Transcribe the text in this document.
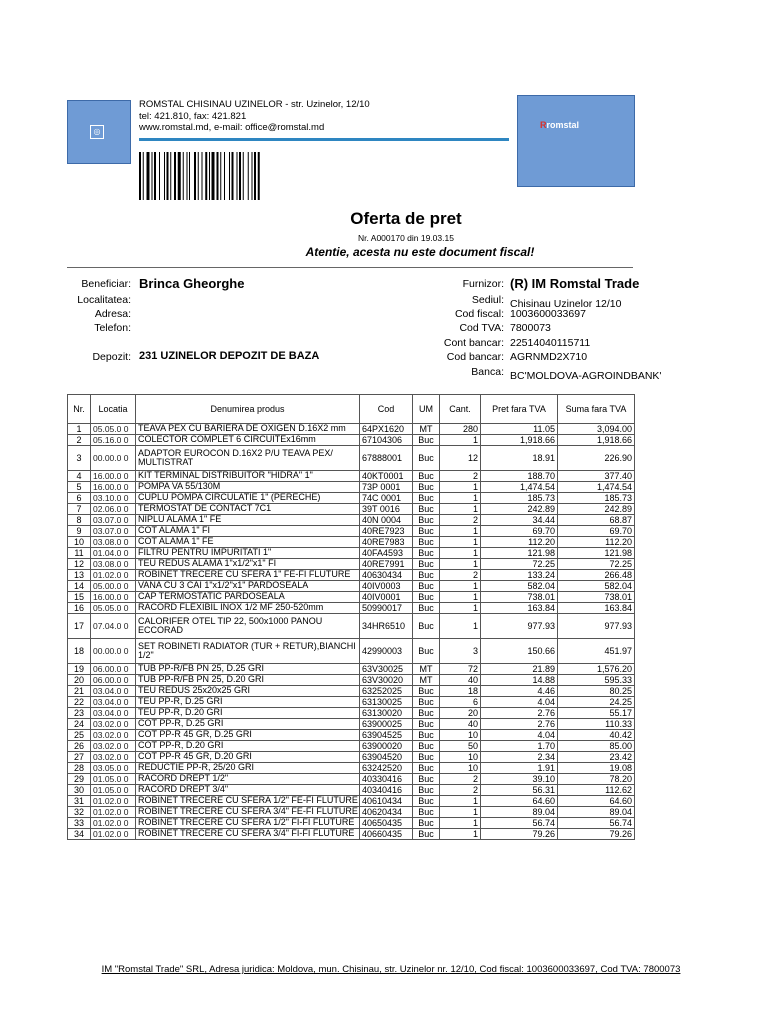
◎
Rromstal
ROMSTAL CHISINAU UZINELOR - str. Uzinelor, 12/10
tel: 421.810, fax: 421.821
www.romstal.md, e-mail: office@romstal.md
Oferta de pret
Nr. A000170 din 19.03.15
Atentie, acesta nu este document fiscal!
Beneficiar: Brinca Gheorghe
Localitatea:
Adresa:
Telefon:
Depozit: 231 UZINELOR DEPOZIT DE BAZA
Furnizor: (R) IM Romstal Trade
Sediul: Chisinau Uzinelor 12/10
Cod fiscal: 1003600033697
Cod TVA: 7800073
Cont bancar: 22514040115711
Cod bancar: AGRNMD2X710
Banca: BC'MOLDOVA-AGROINDBANK'
Nr.	Locatia	Denumirea produs	Cod	UM	Cant.	Pret fara TVA	Suma fara TVA
1	05.05.0 0	TEAVA PEX CU BARIERA DE OXIGEN D.16X2 mm	64PX1620	MT	280	11.05	3,094.00
2	05.16.0 0	COLECTOR COMPLET 6 CIRCUITEx16mm	67104306	Buc	1	1,918.66	1,918.66
3	00.00.0 0	ADAPTOR EUROCON D.16X2 P/U TEAVA PEX/ MULTISTRAT	67888001	Buc	12	18.91	226.90
4	16.00.0 0	KIT TERMINAL DISTRIBUITOR "HIDRA" 1"	40KT0001	Buc	2	188.70	377.40
5	16.00.0 0	POMPA VA 55/130M	73P 0001	Buc	1	1,474.54	1,474.54
6	03.10.0 0	CUPLU POMPA CIRCULATIE 1" (PERECHE)	74C 0001	Buc	1	185.73	185.73
7	02.06.0 0	TERMOSTAT DE CONTACT 7C1	39T 0016	Buc	1	242.89	242.89
8	03.07.0 0	NIPLU ALAMA 1" FE	40N 0004	Buc	2	34.44	68.87
9	03.07.0 0	COT ALAMA 1" FI	40RE7923	Buc	1	69.70	69.70
10	03.08.0 0	COT ALAMA 1" FE	40RE7983	Buc	1	112.20	112.20
11	01.04.0 0	FILTRU PENTRU IMPURITATI 1"	40FA4593	Buc	1	121.98	121.98
12	03.08.0 0	TEU REDUS ALAMA 1"x1/2"x1" FI	40RE7991	Buc	1	72.25	72.25
13	01.02.0 0	ROBINET TRECERE CU SFERA 1" FE-FI FLUTURE	40630434	Buc	2	133.24	266.48
14	05.00.0 0	VANA CU 3 CAI 1"x1/2"x1" PARDOSEALA	40IV0003	Buc	1	582.04	582.04
15	16.00.0 0	CAP TERMOSTATIC PARDOSEALA	40IV0001	Buc	1	738.01	738.01
16	05.05.0 0	RACORD FLEXIBIL INOX 1/2 MF 250-520mm	50990017	Buc	1	163.84	163.84
17	07.04.0 0	CALORIFER OTEL TIP 22, 500x1000 PANOU ECCORAD	34HR6510	Buc	1	977.93	977.93
18	00.00.0 0	SET ROBINETI RADIATOR (TUR + RETUR),BIANCHI 1/2"	42990003	Buc	3	150.66	451.97
19	06.00.0 0	TUB PP-R/FB PN 25, D.25 GRI	63V30025	MT	72	21.89	1,576.20
20	06.00.0 0	TUB PP-R/FB PN 25, D.20 GRI	63V30020	MT	40	14.88	595.33
21	03.04.0 0	TEU REDUS 25x20x25 GRI	63252025	Buc	18	4.46	80.25
22	03.04.0 0	TEU PP-R, D.25 GRI	63130025	Buc	6	4.04	24.25
23	03.04.0 0	TEU PP-R, D.20 GRI	63130020	Buc	20	2.76	55.17
24	03.02.0 0	COT PP-R, D.25 GRI	63900025	Buc	40	2.76	110.33
25	03.02.0 0	COT PP-R 45 GR, D.25 GRI	63904525	Buc	10	4.04	40.42
26	03.02.0 0	COT PP-R, D.20 GRI	63900020	Buc	50	1.70	85.00
27	03.02.0 0	COT PP-R 45 GR, D.20 GRI	63904520	Buc	10	2.34	23.42
28	03.05.0 0	REDUCTIE PP-R, 25/20 GRI	63242520	Buc	10	1.91	19.08
29	01.05.0 0	RACORD DREPT 1/2"	40330416	Buc	2	39.10	78.20
30	01.05.0 0	RACORD DREPT 3/4"	40340416	Buc	2	56.31	112.62
31	01.02.0 0	ROBINET TRECERE CU SFERA 1/2" FE-FI FLUTURE	40610434	Buc	1	64.60	64.60
32	01.02.0 0	ROBINET TRECERE CU SFERA 3/4" FE-FI FLUTURE	40620434	Buc	1	89.04	89.04
33	01.02.0 0	ROBINET TRECERE CU SFERA 1/2" FI-FI FLUTURE	40650435	Buc	1	56.74	56.74
34	01.02.0 0	ROBINET TRECERE CU SFERA 3/4" FI-FI FLUTURE	40660435	Buc	1	79.26	79.26
IM "Romstal Trade" SRL, Adresa juridica: Moldova, mun. Chisinau, str. Uzinelor nr. 12/10, Cod fiscal: 1003600033697, Cod TVA: 7800073
